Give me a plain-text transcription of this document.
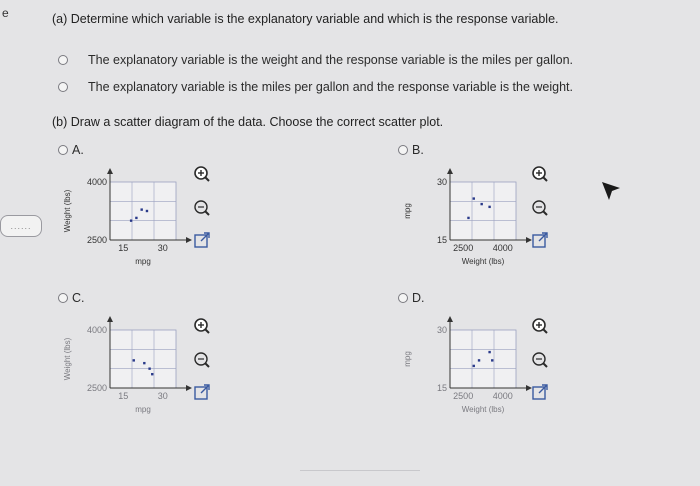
e	(a) Determine which variable is the explanatory variable and which is the response variable.
The explanatory variable is the weight and the response variable is the miles per gallon.
The explanatory variable is the miles per gallon and the response variable is the weight.
(b) Draw a scatter diagram of the data. Choose the correct scatter plot.
......
A.	B.
C.	D.
Weight (lbs)
4000
2500
15	30
mpg
mpg
30
15
2500 4000
Weight (lbs)
Weight (lbs)
4000
2500
15	30
mpg
mpg
30
15
2500 4000
Weight (lbs)
